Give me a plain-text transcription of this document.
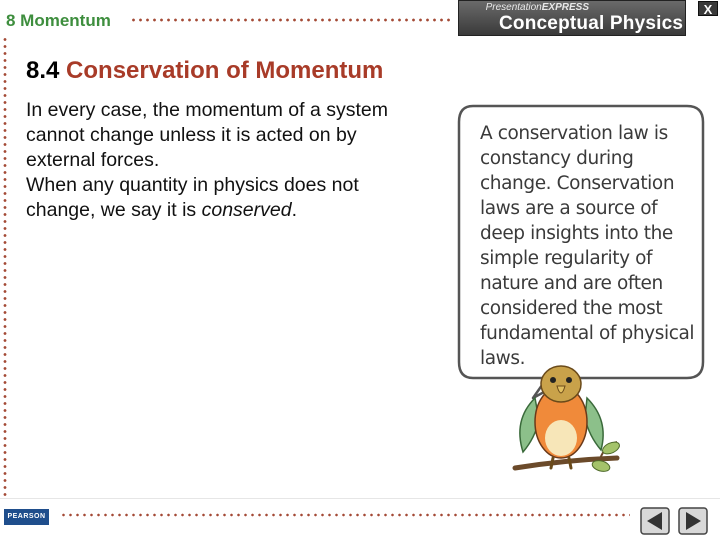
8 Momentum
PresentationEXPRESS
Conceptual Physics
X
8.4 Conservation of Momentum

In every case, the momentum of a system cannot change unless it is acted on by external forces.

When any quantity in physics does not change, we say it is conserved.

A conservation law is constancy during change. Conservation laws are a source of deep insights into the simple regularity of nature and are often considered the most fundamental of physical laws.
PEARSON
